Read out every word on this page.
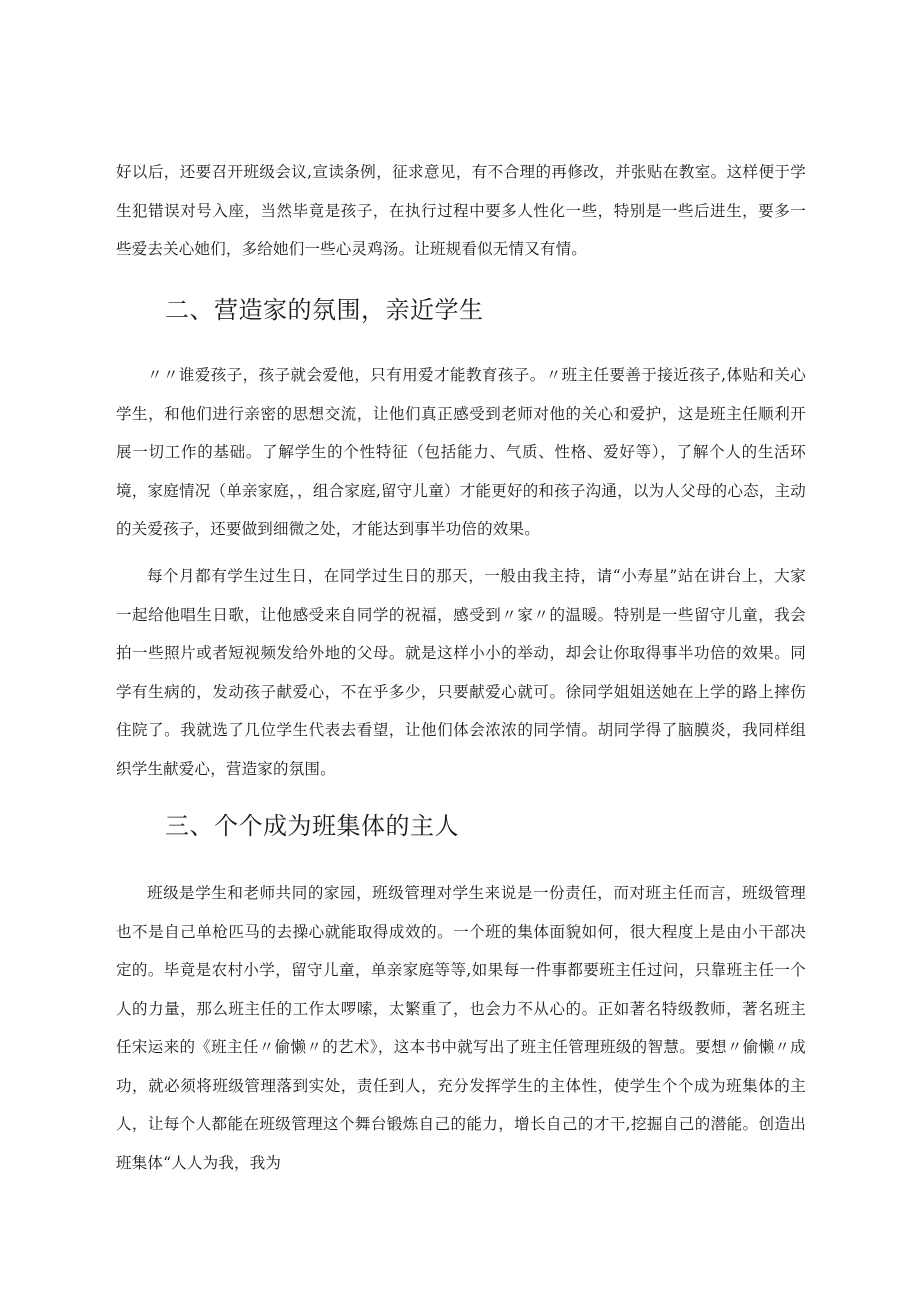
好以后，还要召开班级会议,宣读条例，征求意见，有不合理的再修改，并张贴在教室。这样便于学生犯错误对号入座，当然毕竟是孩子，在执行过程中要多人性化一些，特别是一些后进生，要多一些爱去关心她们，多给她们一些心灵鸡汤。让班规看似无情又有情。

二、营造家的氛围，亲近学生

〃〃谁爱孩子，孩子就会爱他，只有用爱才能教育孩子。〃班主任要善于接近孩子,体贴和关心学生，和他们进行亲密的思想交流，让他们真正感受到老师对他的关心和爱护，这是班主任顺利开展一切工作的基础。了解学生的个性特征（包括能力、气质、性格、爱好等），了解个人的生活环境，家庭情况（单亲家庭，，组合家庭,留守儿童）才能更好的和孩子沟通，以为人父母的心态，主动的关爱孩子，还要做到细微之处，才能达到事半功倍的效果。

每个月都有学生过生日，在同学过生日的那天，一般由我主持，请“小寿星”站在讲台上，大家一起给他唱生日歌，让他感受来自同学的祝福，感受到〃家〃的温暖。特别是一些留守儿童，我会拍一些照片或者短视频发给外地的父母。就是这样小小的举动，却会让你取得事半功倍的效果。同学有生病的，发动孩子献爱心，不在乎多少，只要献爱心就可。徐同学姐姐送她在上学的路上摔伤住院了。我就选了几位学生代表去看望，让他们体会浓浓的同学情。胡同学得了脑膜炎，我同样组织学生献爱心，营造家的氛围。

三、个个成为班集体的主人

班级是学生和老师共同的家园，班级管理对学生来说是一份责任，而对班主任而言，班级管理也不是自己单枪匹马的去操心就能取得成效的。一个班的集体面貌如何，很大程度上是由小干部决定的。毕竟是农村小学，留守儿童，单亲家庭等等,如果每一件事都要班主任过问，只靠班主任一个人的力量，那么班主任的工作太啰嗦，太繁重了，也会力不从心的。正如著名特级教师，著名班主任宋运来的《班主任〃偷懒〃的艺术》，这本书中就写出了班主任管理班级的智慧。要想〃偷懒〃成功，就必须将班级管理落到实处，责任到人，充分发挥学生的主体性，使学生个个成为班集体的主人，让每个人都能在班级管理这个舞台锻炼自己的能力，增长自己的才干,挖掘自己的潜能。创造出班集体“人人为我，我为
